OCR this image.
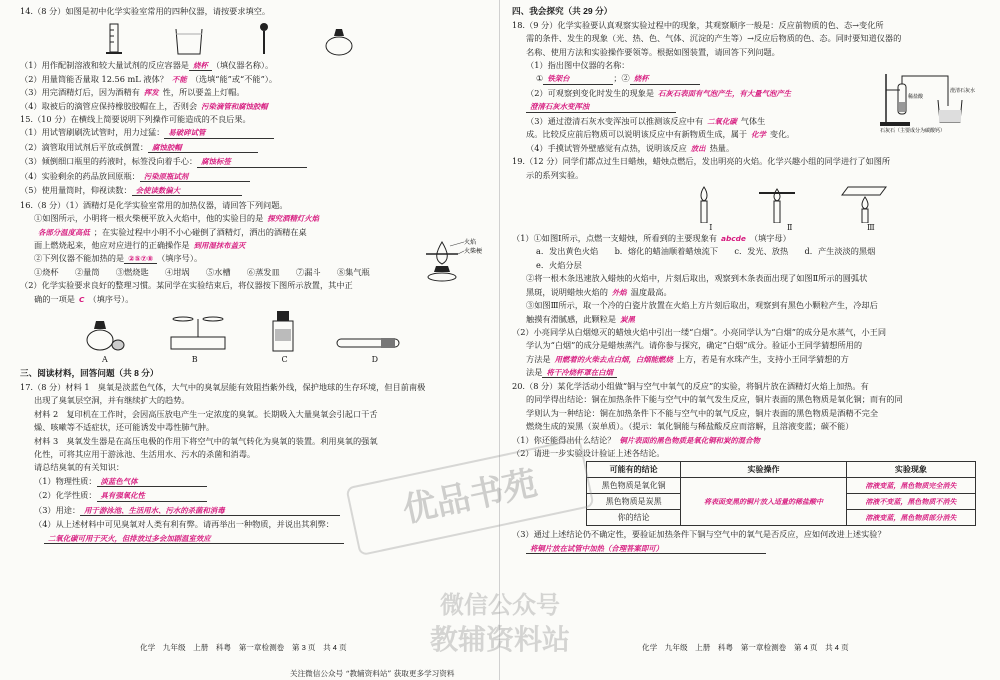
14.（8 分）如图是初中化学实验室常用的四种仪器，请按要求填空。
（1）用作配制溶液和较大量试剂的反应容器是 烧杯 （填仪器名称）。
（2）用量筒能否量取 12.56 mL 液体？ 不能 （选填“能”或“不能”）。
（3）用完酒精灯后，因为酒精有 挥发 性，所以要盖上灯帽。
（4）取被后的滴管应保持橡胶胶帽在上，否则会 污染滴管和腐蚀胶帽
15.（10 分）在横线上简要说明下列操作可能造成的不良后果。
（1）用试管刷刷洗试管时，用力过猛： 易破碎试管
（2）滴管取用试剂后平放或倒置： 腐蚀胶帽
（3）倾倒细口瓶里的药液时，标签没向着手心： 腐蚀标签
（4）实验剩余的药品放回原瓶： 污染原瓶试剂
（5）使用量筒时，仰视读数： 会使读数偏大
16.（8 分）（1）酒精灯是化学实验室常用的加热仪器，请回答下列问题。
①如图所示，小明将一根火柴梗平放入火焰中，他的实验目的是 探究酒精灯火焰
各部分温度高低 ；在实验过程中小明不小心碰倒了酒精灯，洒出的酒精在桌
面上燃烧起来，他应对应进行的正确操作是 到用湿抹布盖灭
②下列仪器不能加热的是 ②⑤⑦⑧ （填序号）。
①烧杯　　②量筒　　③燃烧匙　　④坩埚　　⑤水槽　　⑥蒸发皿　　⑦漏斗　　⑧集气瓶
（2）化学实验要求良好的整理习惯。某同学在实验结束后，将仪器按下图所示放置，其中正
确的一项是 C （填序号）。
A	B	C	D
火焰
火柴梗
三、阅读材料，回答问题（共 8 分）
17.（8 分）材料 1　臭氧是淡蓝色气体，大气中的臭氧层能有效阻挡紫外线，保护地球的生存环境，但目前南极
出现了臭氧层空洞，并有继续扩大的趋势。
材料 2　复印机在工作时，会因高压放电产生一定浓度的臭氧。长期吸入大量臭氧会引起口干舌
燥、咳嗽等不适症状，还可能诱发中毒性肺气肿。
材料 3　臭氧发生器是在高压电极的作用下将空气中的氧气转化为臭氧的装置。利用臭氧的强氧
化性，可将其应用于游泳池、生活用水、污水的杀菌和消毒。
请总结臭氧的有关知识：
（1）物理性质： 淡蓝色气体
（2）化学性质： 具有强氧化性
（3）用途： 用于游泳池、生活用水、污水的杀菌和消毒
（4）从上述材料中可见臭氧对人类有利有弊。请再举出一种物质，并说出其利弊：
二氧化碳可用于灭火，但排放过多会加剧温室效应
化学　九年级　上册　科粤　第一章检测卷　第 3 页　共 4 页
四、我会探究（共 29 分）
18.（9 分）化学实验要认真观察实验过程中的现象，其观察顺序一般是：反应前物质的色、态→变化所
需的条件、发生的现象（光、热、色、气体、沉淀的产生等）→反应后物质的色、态。同时要知道仪器的
名称、使用方法和实验操作要领等。根据如图装置，请回答下列问题。
（1）指出图中仪器的名称：
① 铁架台	；② 烧杯
（2）可观察到变化时发生的现象是 石灰石表面有气泡产生，有大量气泡产生
澄清石灰水变浑浊
（3）通过澄清石灰水变浑浊可以推测该反应中有 二氧化碳 气体生
成。比较反应前后物质可以说明该反应中有新物质生成，属于 化学 变化。
（4）手摸试管外壁感觉有点热，说明该反应 放出 热量。
稀盐酸
澄清石灰水
石灰石（主要成分为碳酸钙）
19.（12 分）同学们都点过生日蜡烛，蜡烛点燃后，发出明亮的火焰。化学兴趣小组的同学进行了如图所
示的系列实验。
Ⅰ	Ⅱ	Ⅲ
（1）①如图Ⅰ所示，点燃一支蜡烛，所看到的主要现象有 abcde （填字母）
a．发出黄色火焰　　b．熔化的蜡油顺着蜡烛流下　　c．发光、放热　　d．产生淡淡的黑烟
e．火焰分层
②将一根木条迅速放入蜡烛的火焰中，片刻后取出，观察到木条表面出现了如图Ⅱ所示的圆弧状
黑斑，说明蜡烛火焰的 外焰 温度最高。
③如图Ⅲ所示，取一个冷的白瓷片放置在火焰上方片刻后取出，观察到有黑色小颗粒产生，冷却后
触摸有滑腻感，此颗粒是 炭黑
（2）小亮同学从白烟熄灭的蜡烛火焰中引出一缕“白烟”。小亮同学认为“白烟”的成分是水蒸气，小王同
学认为“白烟”的成分是蜡烛蒸汽。请你参与探究，确定“白烟”成分。验证小王同学猜想所用的
方法是 用燃着的火柴去点白烟，白烟能燃烧 上方，若是有水珠产生，支持小王同学猜想的方
法是 将干冷烧杯罩在白烟
20.（8 分）某化学活动小组做“铜与空气中氧气的反应”的实验，将铜片放在酒精灯火焰上加热。有
的同学得出结论：铜在加热条件下能与空气中的氧气发生反应，铜片表面的黑色物质是氧化铜；而有的同
学则认为一种结论：铜在加热条件下不能与空气中的氧气反应，铜片表面的黑色物质是酒精不完全
燃烧生成的炭黑（炭单质）。（提示：氧化铜能与稀盐酸反应而溶解，且溶液变蓝；碳不能）
（1）你还能得出什么结论？ 铜片表面的黑色物质是氧化铜和炭的混合物
（2）请进一步实验设计验证上述各结论。
可能有的结论	实验操作	实验现象
黑色物质是氧化铜	将表面变黑的铜片放入适量的稀盐酸中	溶液变蓝，黑色物质完全消失
黑色物质是炭黑		溶液不变蓝，黑色物质不消失
你的结论		溶液变蓝，黑色物质部分消失
（3）通过上述结论仍不确定性，要验证加热条件下铜与空气中的氧气是否反应，应如何改进上述实验？
将铜片放在试管中加热（合理答案即可）
化学　九年级　上册　科粤　第一章检测卷　第 4 页　共 4 页
优品书苑
微信公众号
教辅资料站
关注微信公众号 “教辅资料站” 获取更多学习资料
